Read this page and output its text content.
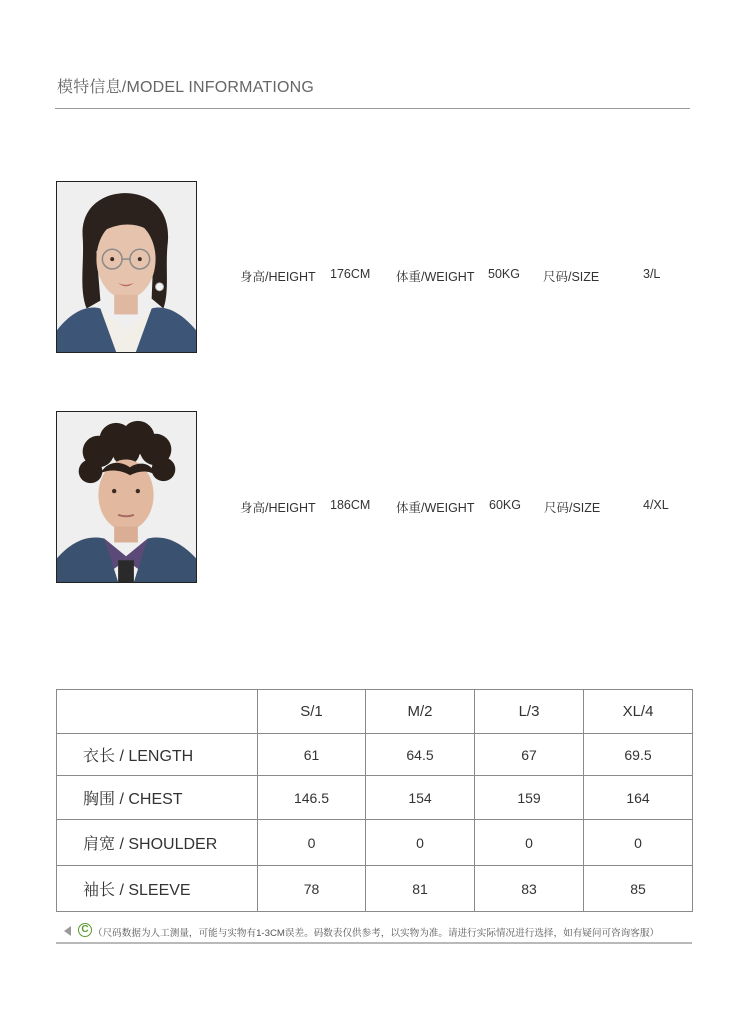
模特信息/MODEL INFORMATIONG
身高/HEIGHT 176CM 体重/WEIGHT 50KG 尺码/SIZE	3/L
身高/HEIGHT 186CM 体重/WEIGHT 60KG 尺码/SIZE	4/XL
	S/1	M/2	L/3	XL/4
衣长 / LENGTH	61	64.5	67	69.5
胸围 / CHEST	146.5	154	159	164
肩宽 / SHOULDER	0	0	0	0
袖长 / SLEEVE	78	81	83	85
C （尺码数据为人工测量，可能与实物有1-3CM误差。码数表仅供参考，以实物为准。请进行实际情况进行选择，如有疑问可咨询客服）
